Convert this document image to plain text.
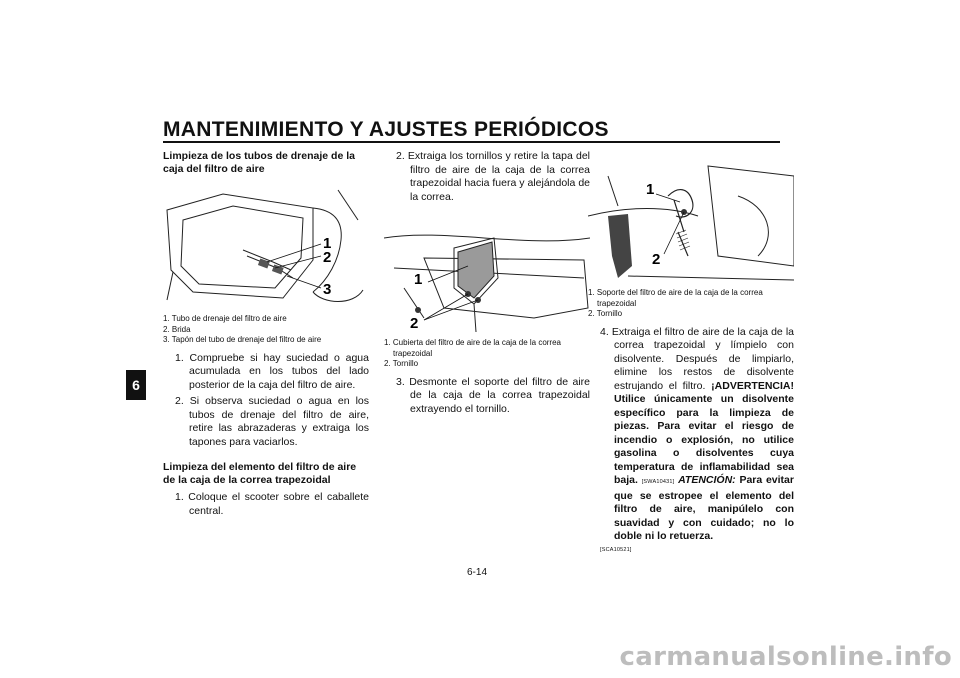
MANTENIMIENTO Y AJUSTES PERIÓDICOS
6

Limpieza de los tubos de drenaje de la caja del filtro de aire

1
2
3
1. Tubo de drenaje del filtro de aire
2. Brida
3. Tapón del tubo de drenaje del filtro de aire

1. Compruebe si hay suciedad o agua acumulada en los tubos del lado posterior de la caja del filtro de aire.

2. Si observa suciedad o agua en los tubos de drenaje del filtro de aire, retire las abrazaderas y extraiga los tapones para vaciarlos.

Limpieza del elemento del filtro de aire de la caja de la correa trapezoidal

1. Coloque el scooter sobre el caballete central.

2. Extraiga los tornillos y retire la tapa del filtro de aire de la caja de la correa trapezoidal hacia fuera y alejándola de la correa.

1
2
1. Cubierta del filtro de aire de la caja de la correa trapezoidal
2. Tornillo

3. Desmonte el soporte del filtro de aire de la caja de la correa trapezoidal extrayendo el tornillo.

1
2
1. Soporte del filtro de aire de la caja de la correa trapezoidal
2. Tornillo
4. Extraiga el filtro de aire de la caja de la correa trapezoidal y límpielo con disolvente. Después de limpiarlo, elimine los restos de disolvente estrujando el filtro. ¡ADVERTENCIA! Utilice únicamente un disolvente específico para la limpieza de piezas. Para evitar el riesgo de incendio o explosión, no utilice gasolina o disolventes cuya temperatura de inflamabilidad sea baja. [SWA10431] ATENCIÓN: Para evitar que se estropee el elemento del filtro de aire, manipúlelo con suavidad y con cuidado; no lo doble ni lo retuerza.
[SCA10521]
6-14
carmanualsonline.info
